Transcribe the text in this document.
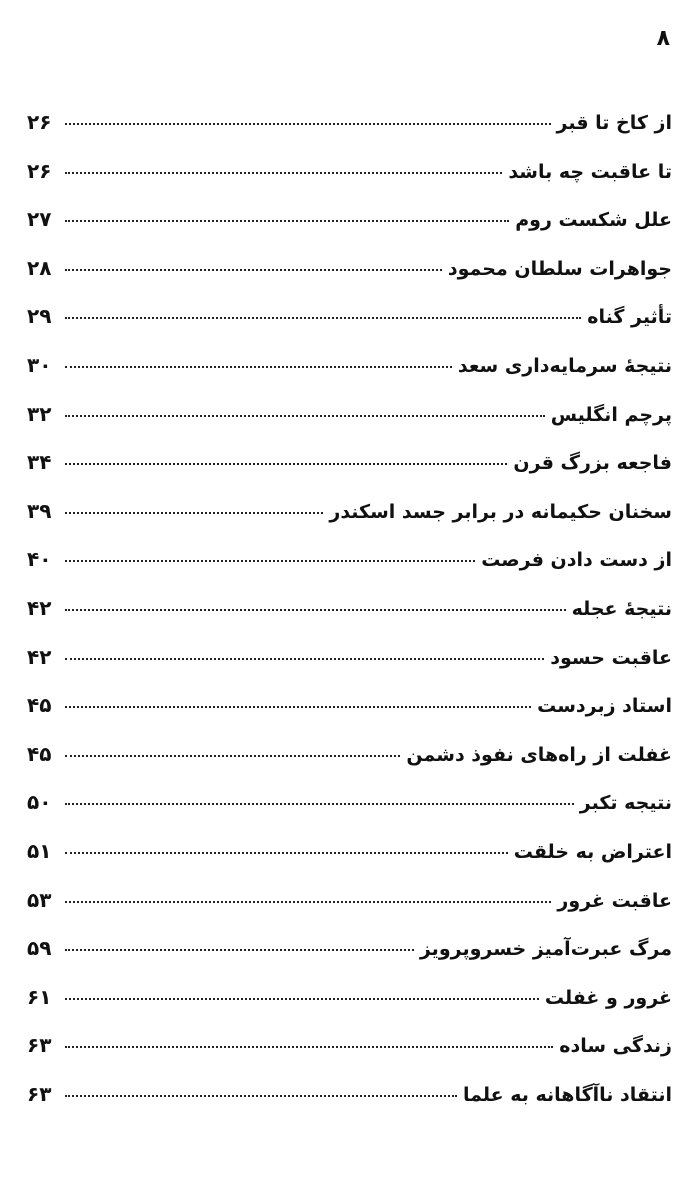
۸
از کاخ تا قبر
۲۶
تا عاقبت چه باشد
۲۶
علل شکست روم
۲۷
جواهرات سلطان محمود
۲۸
تأثیر گناه
۲۹
نتیجهٔ سرمایه‌داری سعد
۳۰
پرچم انگلیس
۳۲
فاجعه بزرگ قرن
۳۴
سخنان حکیمانه در برابر جسد اسکندر
۳۹
از دست دادن فرصت
۴۰
نتیجهٔ عجله
۴۲
عاقبت حسود
۴۲
استاد زبردست
۴۵
غفلت از راه‌های نفوذ دشمن
۴۵
نتیجه تکبر
۵۰
اعتراض به خلقت
۵۱
عاقبت غرور
۵۳
مرگ عبرت‌آمیز خسروپرویز
۵۹
غرور و غفلت
۶۱
زندگی ساده
۶۳
انتقاد ناآگاهانه به علما
۶۳
